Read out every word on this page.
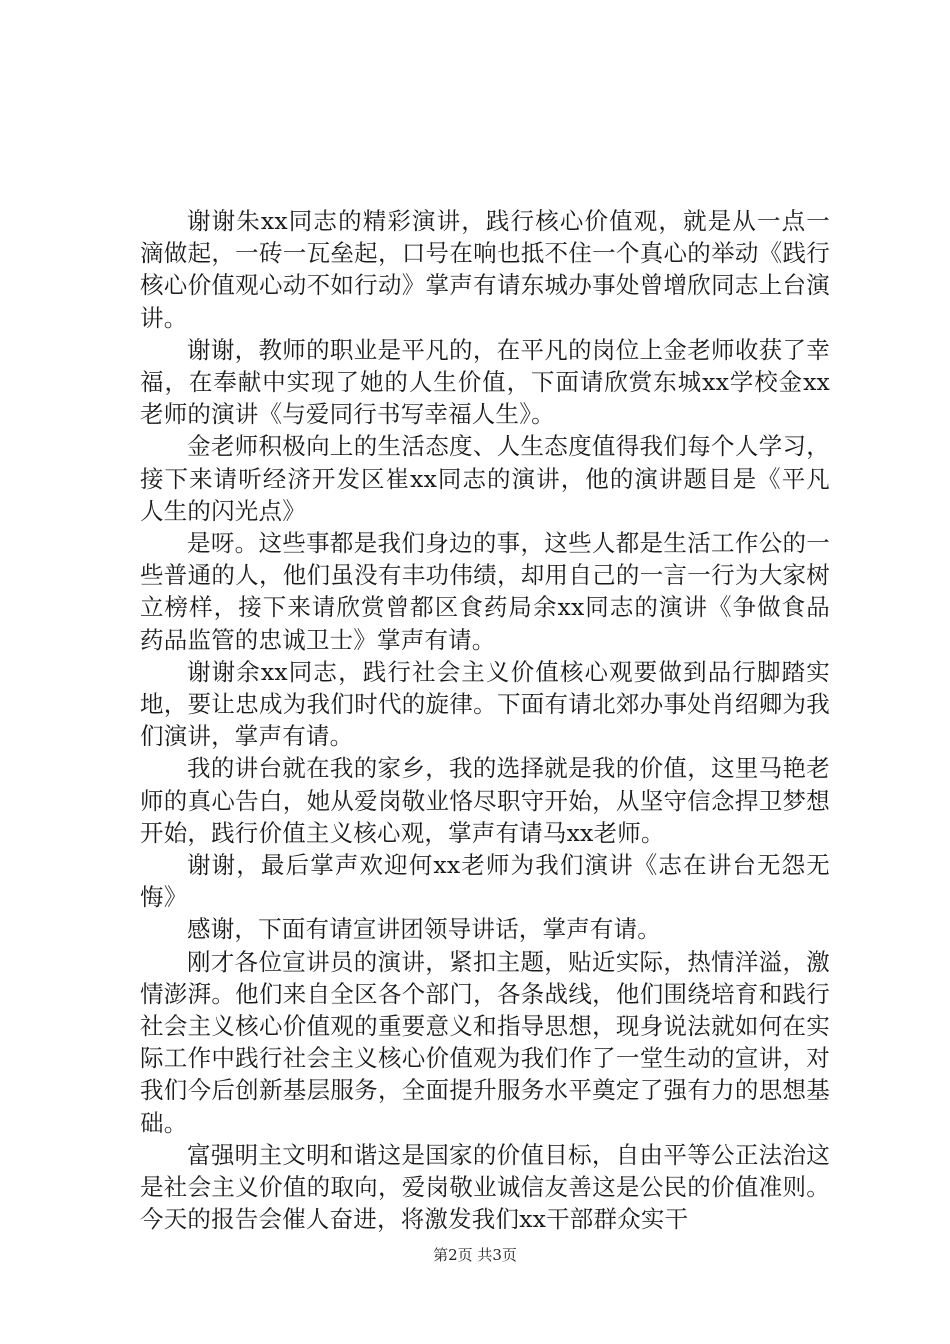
谢谢朱xx同志的精彩演讲，践行核心价值观，就是从一点一滴做起，一砖一瓦垒起，口号在响也抵不住一个真心的举动《践行核心价值观心动不如行动》掌声有请东城办事处曾增欣同志上台演讲。

谢谢，教师的职业是平凡的，在平凡的岗位上金老师收获了幸福，在奉献中实现了她的人生价值，下面请欣赏东城xx学校金xx老师的演讲《与爱同行书写幸福人生》。

金老师积极向上的生活态度、人生态度值得我们每个人学习，接下来请听经济开发区崔xx同志的演讲，他的演讲题目是《平凡人生的闪光点》

是呀。这些事都是我们身边的事，这些人都是生活工作公的一些普通的人，他们虽没有丰功伟绩，却用自己的一言一行为大家树立榜样，接下来请欣赏曾都区食药局余xx同志的演讲《争做食品药品监管的忠诚卫士》掌声有请。

谢谢余xx同志，践行社会主义价值核心观要做到品行脚踏实地，要让忠成为我们时代的旋律。下面有请北郊办事处肖绍卿为我们演讲，掌声有请。

我的讲台就在我的家乡，我的选择就是我的价值，这里马艳老师的真心告白，她从爱岗敬业恪尽职守开始，从坚守信念捍卫梦想开始，践行价值主义核心观，掌声有请马xx老师。

谢谢，最后掌声欢迎何xx老师为我们演讲《志在讲台无怨无悔》

感谢，下面有请宣讲团领导讲话，掌声有请。

刚才各位宣讲员的演讲，紧扣主题，贴近实际，热情洋溢，激情澎湃。他们来自全区各个部门，各条战线，他们围绕培育和践行社会主义核心价值观的重要意义和指导思想，现身说法就如何在实际工作中践行社会主义核心价值观为我们作了一堂生动的宣讲，对我们今后创新基层服务，全面提升服务水平奠定了强有力的思想基础。

富强明主文明和谐这是国家的价值目标，自由平等公正法治这是社会主义价值的取向，爱岗敬业诚信友善这是公民的价值准则。今天的报告会催人奋进，将激发我们xx干部群众实干

第2页 共3页
